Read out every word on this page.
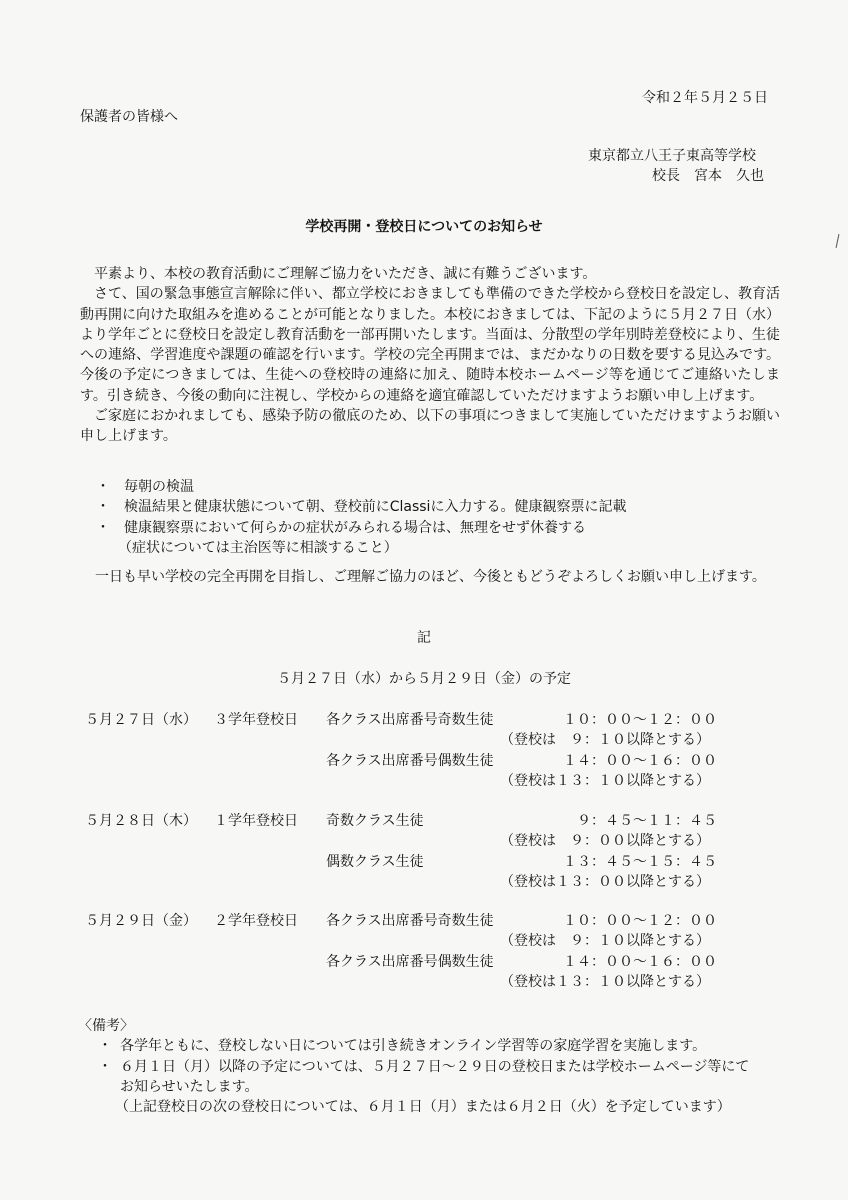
令和２年５月２５日
保護者の皆様へ
東京都立八王子東高等学校
校長　宮本　久也
学校再開・登校日についてのお知らせ

平素より、本校の教育活動にご理解ご協力をいただき、誠に有難うございます。

さて、国の緊急事態宣言解除に伴い、都立学校におきましても準備のできた学校から登校日を設定し、教育活動再開に向けた取組みを進めることが可能となりました。本校におきましては、下記のように５月２７日（水）より学年ごとに登校日を設定し教育活動を一部再開いたします。当面は、分散型の学年別時差登校により、生徒への連絡、学習進度や課題の確認を行います。学校の完全再開までは、まだかなりの日数を要する見込みです。今後の予定につきましては、生徒への登校時の連絡に加え、随時本校ホームページ等を通じてご連絡いたします。引き続き、今後の動向に注視し、学校からの連絡を適宜確認していただけますようお願い申し上げます。

ご家庭におかれましても、感染予防の徹底のため、以下の事項につきまして実施していただけますようお願い申し上げます。

・	毎朝の検温
・	検温結果と健康状態について朝、登校前にClassiに入力する。健康観察票に記載
・	健康観察票において何らかの症状がみられる場合は、無理をせず休養する
（症状については主治医等に相談すること）
一日も早い学校の完全再開を目指し、ご理解ご協力のほど、今後ともどうぞよろしくお願い申し上げます。
記
５月２７日（水）から５月２９日（金）の予定
５月２７日（水） ３学年登校日 各クラス出席番号奇数生徒	１０：００～１２：００
（登校は　９：１０以降とする）
各クラス出席番号偶数生徒	１４：００～１６：００
（登校は１３：１０以降とする）
５月２８日（木） １学年登校日 奇数クラス生徒	９：４５～１１：４５
（登校は　９：００以降とする）
偶数クラス生徒	１３：４５～１５：４５
（登校は１３：００以降とする）
５月２９日（金） ２学年登校日 各クラス出席番号奇数生徒	１０：００～１２：００
（登校は　９：１０以降とする）
各クラス出席番号偶数生徒	１４：００～１６：００
（登校は１３：１０以降とする）
〈備考〉
・ 各学年ともに、登校しない日については引き続きオンライン学習等の家庭学習を実施します。
・ ６月１日（月）以降の予定については、５月２７日～２９日の登校日または学校ホームページ等にて
お知らせいたします。
（上記登校日の次の登校日については、６月１日（月）または６月２日（火）を予定しています）
